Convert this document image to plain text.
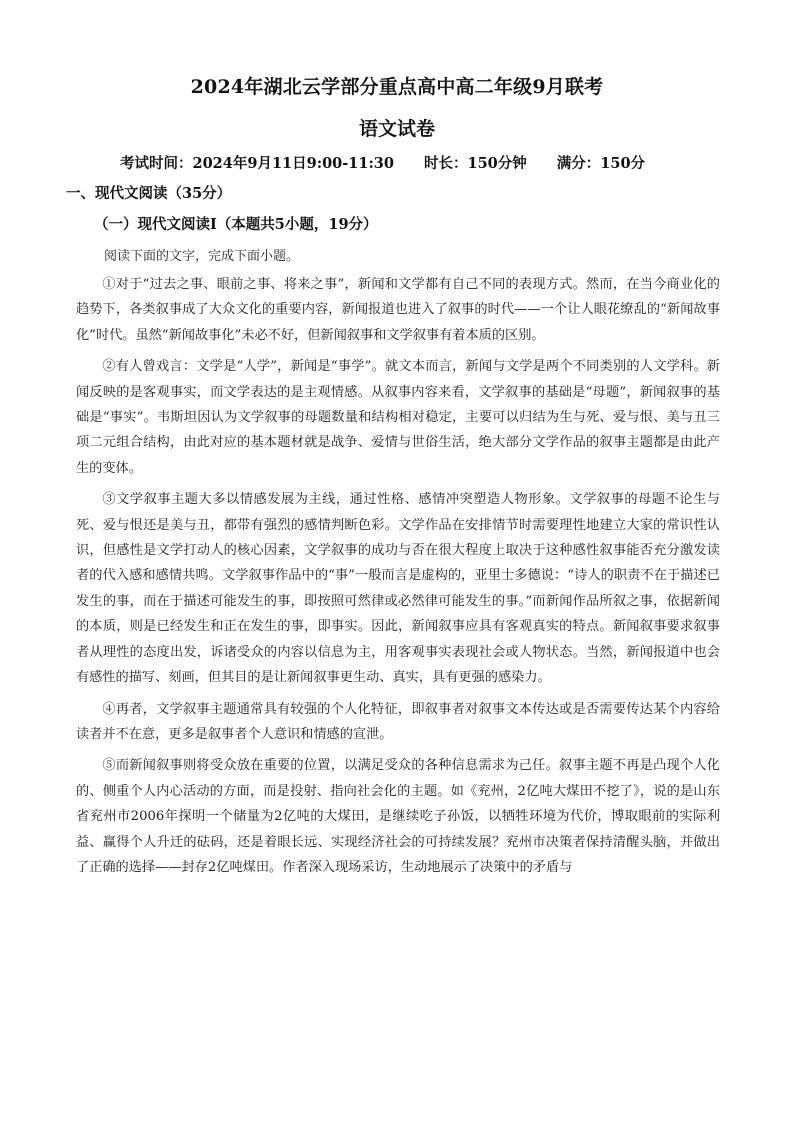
2024年湖北云学部分重点高中高二年级9月联考
语文试卷
考试时间：2024年9月11日9:00-11:30 时长：150分钟 满分：150分
一、现代文阅读（35分）
（一）现代文阅读Ⅰ（本题共5小题，19分）
阅读下面的文字，完成下面小题。

①对于“过去之事、眼前之事、将来之事”，新闻和文学都有自己不同的表现方式。然而，在当今商业化的趋势下，各类叙事成了大众文化的重要内容，新闻报道也进入了叙事的时代——一个让人眼花缭乱的“新闻故事化”时代。虽然“新闻故事化”未必不好，但新闻叙事和文学叙事有着本质的区别。

②有人曾戏言：文学是“人学”，新闻是“事学”。就文本而言，新闻与文学是两个不同类别的人文学科。新闻反映的是客观事实，而文学表达的是主观情感。从叙事内容来看，文学叙事的基础是“母题”，新闻叙事的基础是“事实”。韦斯坦因认为文学叙事的母题数量和结构相对稳定，主要可以归结为生与死、爱与恨、美与丑三项二元组合结构，由此对应的基本题材就是战争、爱情与世俗生活，绝大部分文学作品的叙事主题都是由此产生的变体。

③文学叙事主题大多以情感发展为主线，通过性格、感情冲突塑造人物形象。文学叙事的母题不论生与死、爱与恨还是美与丑，都带有强烈的感情判断色彩。文学作品在安排情节时需要理性地建立大家的常识性认识，但感性是文学打动人的核心因素，文学叙事的成功与否在很大程度上取决于这种感性叙事能否充分激发读者的代入感和感情共鸣。文学叙事作品中的“事”一般而言是虚构的，亚里士多德说：“诗人的职责不在于描述已发生的事，而在于描述可能发生的事，即按照可然律或必然律可能发生的事。”而新闻作品所叙之事，依据新闻的本质，则是已经发生和正在发生的事，即事实。因此，新闻叙事应具有客观真实的特点。新闻叙事要求叙事者从理性的态度出发，诉诸受众的内容以信息为主，用客观事实表现社会或人物状态。当然，新闻报道中也会有感性的描写、刻画，但其目的是让新闻叙事更生动、真实，具有更强的感染力。

④再者，文学叙事主题通常具有较强的个人化特征，即叙事者对叙事文本传达或是否需要传达某个内容给读者并不在意，更多是叙事者个人意识和情感的宣泄。

⑤而新闻叙事则将受众放在重要的位置，以满足受众的各种信息需求为己任。叙事主题不再是凸现个人化的、侧重个人内心活动的方面，而是投射、指向社会化的主题。如《兖州，2亿吨大煤田不挖了》，说的是山东省兖州市2006年探明一个储量为2亿吨的大煤田，是继续吃子孙饭，以牺牲环境为代价，博取眼前的实际利益、赢得个人升迁的砝码，还是着眼长远、实现经济社会的可持续发展？兖州市决策者保持清醒头脑，并做出了正确的选择——封存2亿吨煤田。作者深入现场采访，生动地展示了决策中的矛盾与
